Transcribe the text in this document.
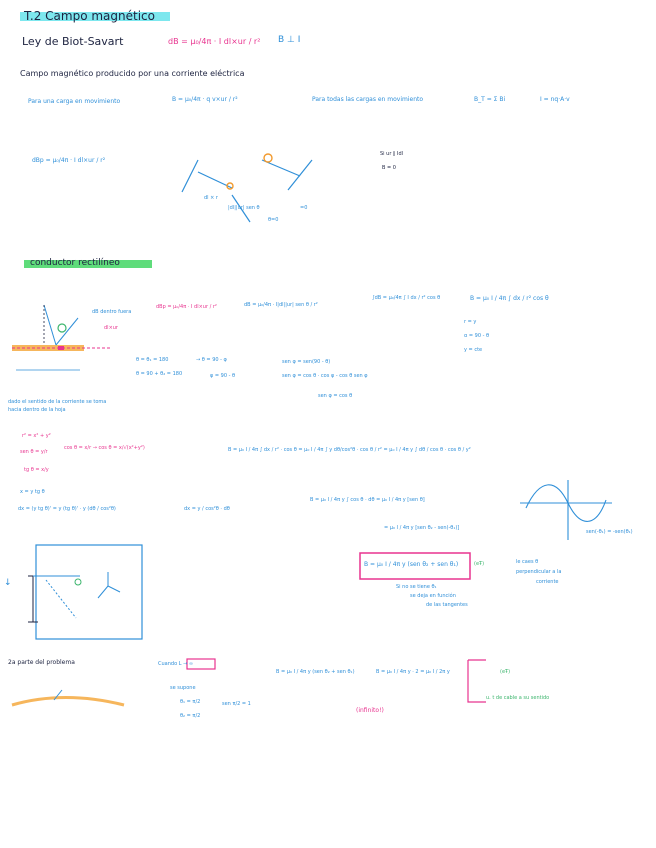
↓
T.2 Campo magnético
Ley de Biot-Savart	dB = μ₀/4π · I dl×ur / r² B ⊥ I
Campo magnético producido por una corriente eléctrica
Para una carga en movimiento	B = μ₀/4π · q v×ur / r²	Para todas las cargas en movimiento	B_T = Σ Bi	I = nq·A·v
dBp = μ₀/4π · I dl×ur / r²
Si ur ∥ Idl
B = 0
dl × r
|dl||ur| sen θ
θ=0
=0
conductor rectilíneo
dB dentro fuera
dBp = μ₀/4π · I dl×ur / r²
dl×ur
dB = μ₀/4π · I|dl||ur| sen θ / r²
∫dB = μ₀/4π ∫ I dx / r² cos θ	B = μ₀ I / 4π ∫ dx / r² cos θ
r = y
α = 90 - θ
y = cte
θ = θ₁ = 180
θ = 90 + θ₂ = 180
→ θ = 90 - φ
φ = 90 - θ
sen φ = sen(90 - θ)
sen φ = cos θ · cos φ - cos θ sen φ
sen φ = cos θ
dado el sentido de la corriente se toma hacia dentro de la hoja
r² = x² + y²
sen θ = y/r
cos θ = x/r → cos θ = x/√(x²+y²)
tg θ = x/y
x = y tg θ
dx = (y tg θ)' = y (tg θ)' · y (dθ / cos²θ)	dx = y / cos²θ · dθ
B = μ₀ I / 4π ∫ dx / r² · cos θ = μ₀ I / 4π ∫ y dθ/cos²θ · cos θ / r² = μ₀ I / 4π y ∫ dθ / cos θ · cos θ / y²
B = μ₀ I / 4π y ∫ cos θ · dθ = μ₀ I / 4π y [sen θ]
= μ₀ I / 4π y [sen θ₂ - sen(-θ₁)]
sen(-θ₁) = -sen(θ₁)
B = μ₀ I / 4π y (sen θ₂ + sen θ₁)	(eŦ)
Si no se tiene θ₁
se deja en función
de las tangentes
le caes θ
perpendicular a la
corriente
2a parte del problema	Cuando L → ∞
se supone
θ₁ = π/2
θ₂ = π/2
sen π/2 = 1
B = μ₀ I / 4π y (sen θ₂ + sen θ₁)	B = μ₀ I / 4π y · 2 = μ₀ I / 2π y	(eŦ)
u. t de cable a su sentido
(infinito!)
